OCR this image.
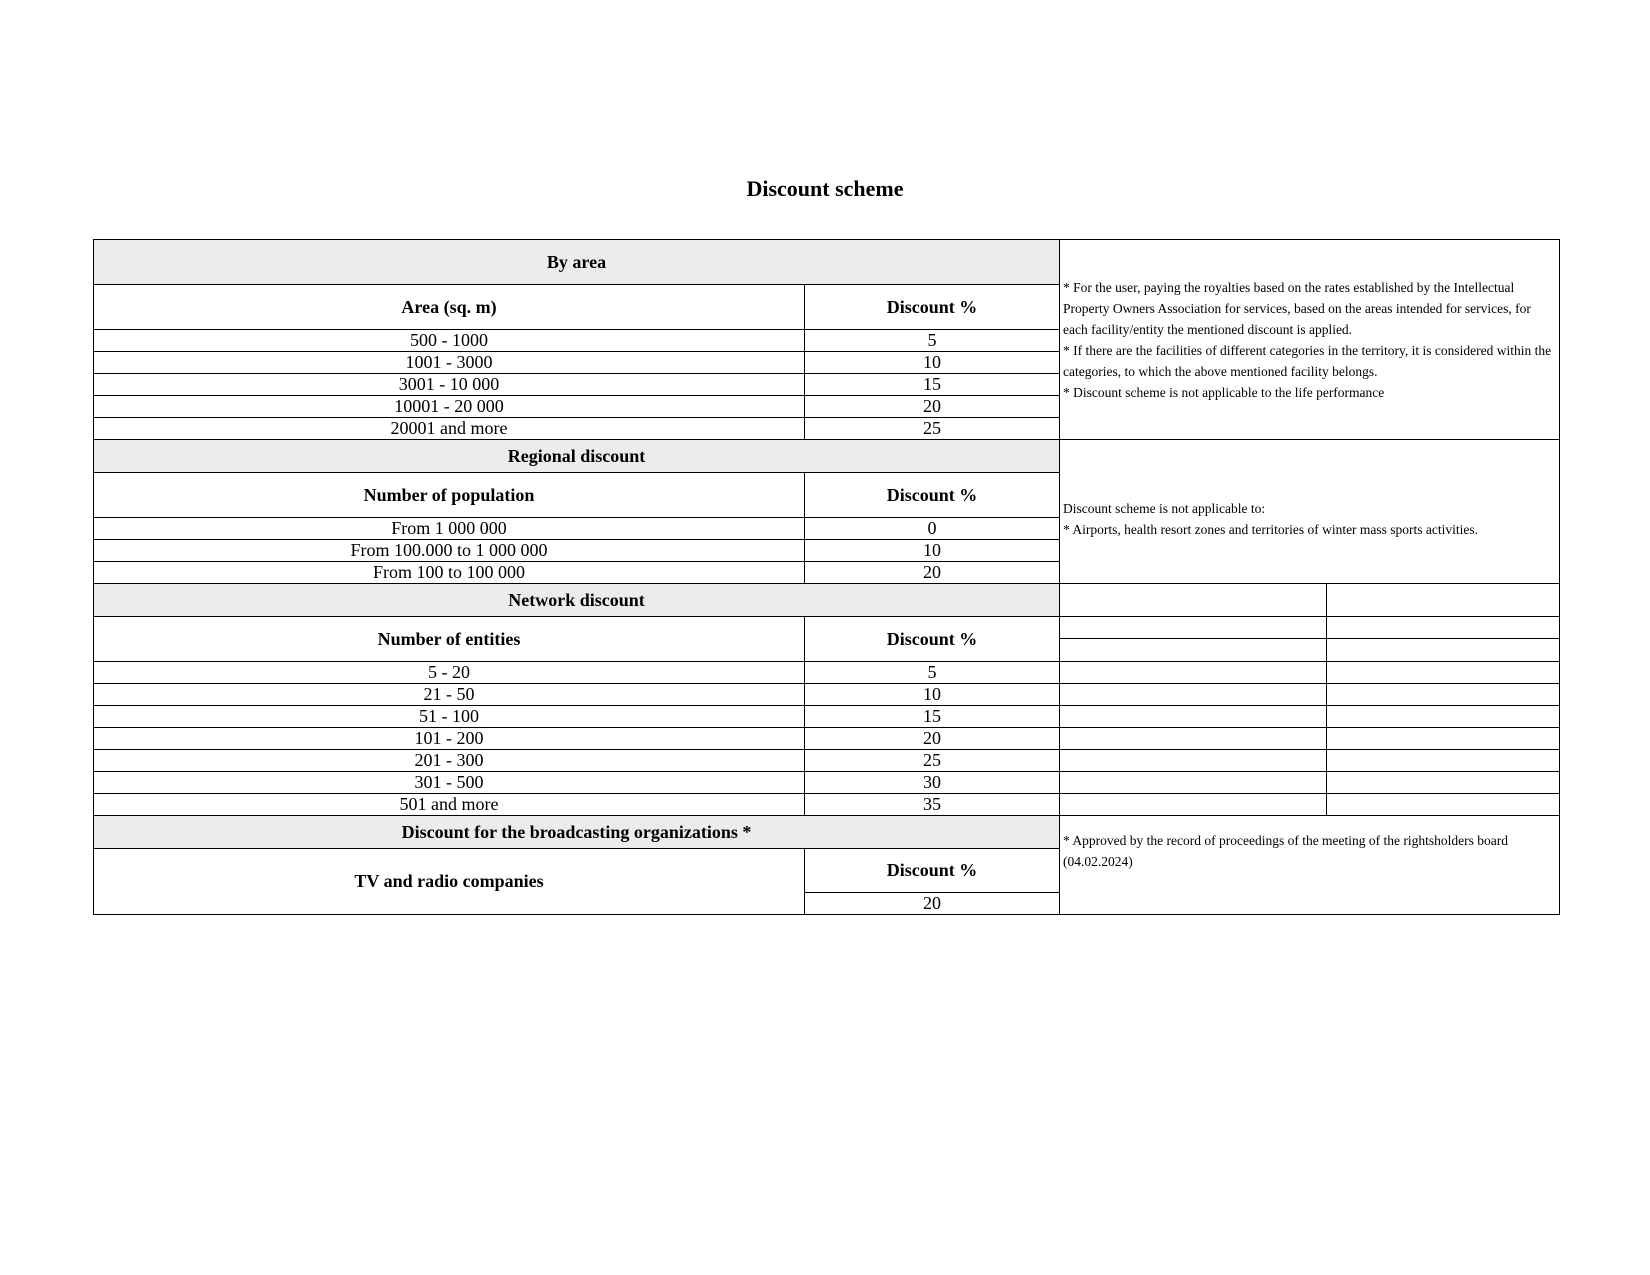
Discount scheme
By area		* For the user, paying the royalties based on the rates established by the Intellectual Property Owners Association for services, based on the areas intended for services, for each facility/entity the mentioned discount is applied.
* If there are the facilities of different categories in the territory, it is considered within the categories, to which the above mentioned facility belongs.
* Discount scheme is not applicable to the life performance	

Area (sq. m)	Discount %		
500 - 1000	5		
1001 - 3000	10		
3001 - 10 000	15		
10001 - 20 000	20		
20001 and more	25		
Regional discount		Discount scheme is not applicable to:
* Airports, health resort zones and territories of winter mass sports activities.	

Number of population	Discount %		
From 1 000 000	0		
From 100.000 to 1 000 000	10		
From 100 to 100 000	20		
Network discount			
Number of entities	Discount %		

5 - 20	5		
21 - 50	10		
51 - 100	15		
101 - 200	20		
201 - 300	25		
301 - 500	30		
501 and more	35		
Discount for the broadcasting organizations *		* Approved by the record of proceedings of the meeting of the rightsholders board (04.02.2024)	

TV and radio companies	Discount %		
	20		
